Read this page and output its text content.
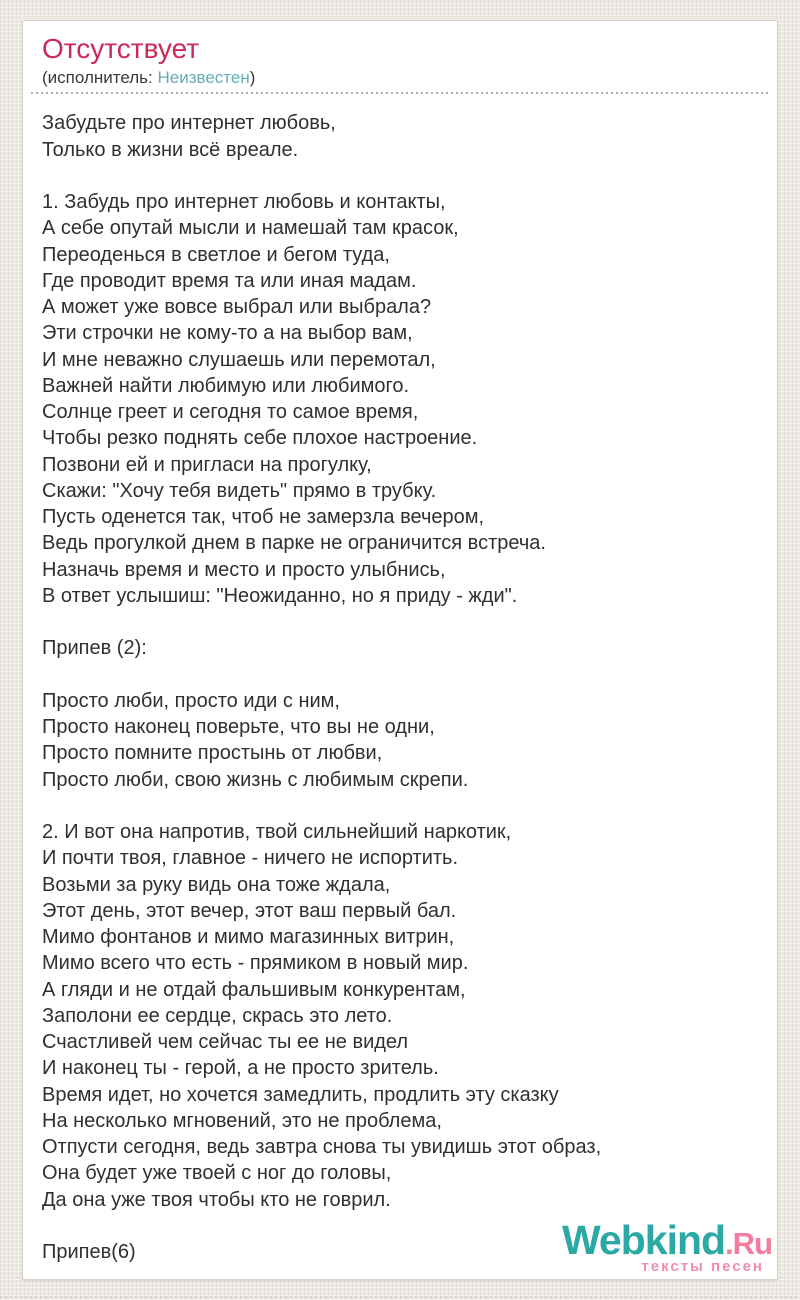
Отсутствует
(исполнитель: Неизвестен)
Забудьте про интернет любовь,
Только в жизни всё вреале.

1. Забудь про интернет любовь и контакты,
А себе опутай мысли и намешай там красок,
Переоденься в светлое и бегом туда,
Где проводит время та или иная мадам.
А может уже вовсе выбрал или выбрала?
Эти строчки не кому-то а на выбор вам,
И мне неважно слушаешь или перемотал,
Важней найти любимую или любимого.
Солнце греет и сегодня то самое время,
Чтобы резко поднять себе плохое настроение.
Позвони ей и пригласи на прогулку,
Скажи: "Хочу тебя видеть" прямо в трубку.
Пусть оденется так, чтоб не замерзла вечером,
Ведь прогулкой днем в парке не ограничится встреча.
Назначь время и место и просто улыбнись,
В ответ услышиш: "Неожиданно, но я приду - жди".

Припев (2):

Просто люби, просто иди с ним,
Просто наконец поверьте, что вы не одни,
Просто помните простынь от любви,
Просто люби, свою жизнь с любимым скрепи.

2. И вот она напротив, твой сильнейший наркотик,
И почти твоя, главное - ничего не испортить.
Возьми за руку видь она тоже ждала,
Этот день, этот вечер, этот ваш первый бал.
Мимо фонтанов и мимо магазинных витрин,
Мимо всего что есть - прямиком в новый мир.
А гляди и не отдай фальшивым конкурентам,
Заполони ее сердце, скрась это лето.
Счастливей чем сейчас ты ее не видел
И наконец ты - герой, а не просто зритель.
Время идет, но хочется замедлить, продлить эту сказку
На несколько мгновений, это не проблема,
Отпусти сегодня, ведь завтра снова ты увидишь этот образ,
Она будет уже твоей с ног до головы,
Да она уже твоя чтобы кто не говрил.

Припев(6)	Webkind.Ru
тексты песен
